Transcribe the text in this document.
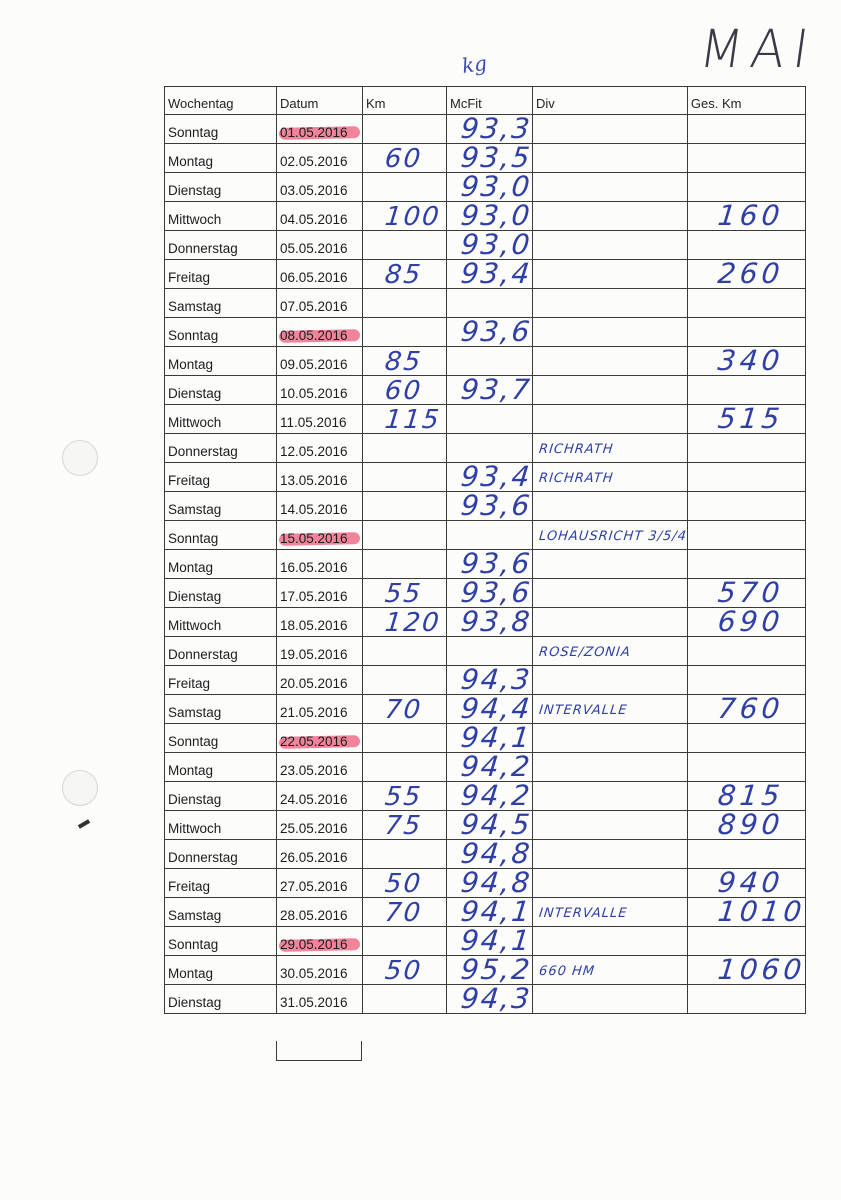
MAI
kg
Wochentag	Datum	Km	McFit	Div	Ges. Km
Sonntag	01.05.2016		93,3		
Montag	02.05.2016	60	93,5		
Dienstag	03.05.2016		93,0		
Mittwoch	04.05.2016	100	93,0		160
Donnerstag	05.05.2016		93,0		
Freitag	06.05.2016	85	93,4		260
Samstag	07.05.2016				
Sonntag	08.05.2016		93,6		
Montag	09.05.2016	85			340
Dienstag	10.05.2016	60	93,7		
Mittwoch	11.05.2016	115			515
Donnerstag	12.05.2016			RICHRATH	
Freitag	13.05.2016		93,4	RICHRATH	
Samstag	14.05.2016		93,6		
Sonntag	15.05.2016			LOHAUSRICHT 3/5/4	
Montag	16.05.2016		93,6		
Dienstag	17.05.2016	55	93,6		570
Mittwoch	18.05.2016	120	93,8		690
Donnerstag	19.05.2016			ROSE/ZONIA	
Freitag	20.05.2016		94,3		
Samstag	21.05.2016	70	94,4	INTERVALLE	760
Sonntag	22.05.2016		94,1		
Montag	23.05.2016		94,2		
Dienstag	24.05.2016	55	94,2		815
Mittwoch	25.05.2016	75	94,5		890
Donnerstag	26.05.2016		94,8		
Freitag	27.05.2016	50	94,8		940
Samstag	28.05.2016	70	94,1	INTERVALLE	1010
Sonntag	29.05.2016		94,1		
Montag	30.05.2016	50	95,2	660 HM	1060
Dienstag	31.05.2016		94,3		
